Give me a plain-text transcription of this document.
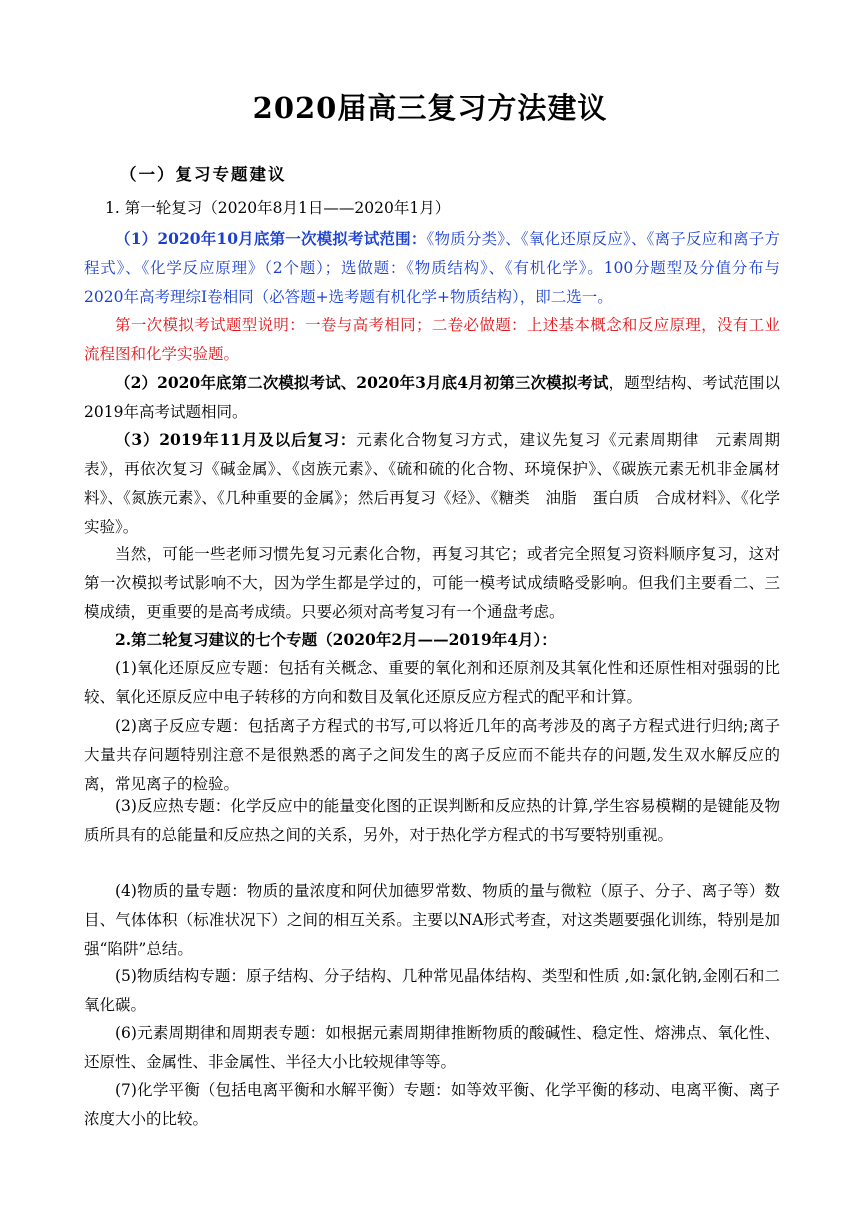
2020届高三复习方法建议
（一）复习专题建议
1. 第一轮复习（2020年8月1日——2020年1月）

（1）2020年10月底第一次模拟考试范围：《物质分类》、《氧化还原反应》、《离子反应和离子方程式》、《化学反应原理》（2个题）；选做题：《物质结构》、《有机化学》。100分题型及分值分布与2020年高考理综Ⅰ卷相同（必答题+选考题有机化学+物质结构），即二选一。

第一次模拟考试题型说明：一卷与高考相同；二卷必做题：上述基本概念和反应原理，没有工业流程图和化学实验题。

（2）2020年底第二次模拟考试、2020年3月底4月初第三次模拟考试，题型结构、考试范围以2019年高考试题相同。

（3）2019年11月及以后复习：元素化合物复习方式，建议先复习《元素周期律　元素周期表》，再依次复习《碱金属》、《卤族元素》、《硫和硫的化合物、环境保护》、《碳族元素无机非金属材料》、《氮族元素》、《几种重要的金属》；然后再复习《烃》、《糖类　油脂　蛋白质　合成材料》、《化学实验》。

当然，可能一些老师习惯先复习元素化合物，再复习其它；或者完全照复习资料顺序复习，这对第一次模拟考试影响不大，因为学生都是学过的，可能一模考试成绩略受影响。但我们主要看二、三模成绩，更重要的是高考成绩。只要必须对高考复习有一个通盘考虑。

2.第二轮复习建议的七个专题（2020年2月——2019年4月）：

(1)氧化还原反应专题：包括有关概念、重要的氧化剂和还原剂及其氧化性和还原性相对强弱的比较、氧化还原反应中电子转移的方向和数目及氧化还原反应方程式的配平和计算。

(2)离子反应专题：包括离子方程式的书写,可以将近几年的高考涉及的离子方程式进行归纳;离子大量共存问题特别注意不是很熟悉的离子之间发生的离子反应而不能共存的问题,发生双水解反应的离，常见离子的检验。

(3)反应热专题：化学反应中的能量变化图的正误判断和反应热的计算,学生容易模糊的是键能及物质所具有的总能量和反应热之间的关系，另外，对于热化学方程式的书写要特别重视。

(4)物质的量专题：物质的量浓度和阿伏加德罗常数、物质的量与微粒（原子、分子、离子等）数目、气体体积（标准状况下）之间的相互关系。主要以NA形式考查，对这类题要强化训练，特别是加强“陷阱”总结。

(5)物质结构专题：原子结构、分子结构、几种常见晶体结构、类型和性质 ,如:氯化钠,金刚石和二氧化碳。

(6)元素周期律和周期表专题：如根据元素周期律推断物质的酸碱性、稳定性、熔沸点、氧化性、还原性、金属性、非金属性、半径大小比较规律等等。

(7)化学平衡（包括电离平衡和水解平衡）专题：如等效平衡、化学平衡的移动、电离平衡、离子浓度大小的比较。
